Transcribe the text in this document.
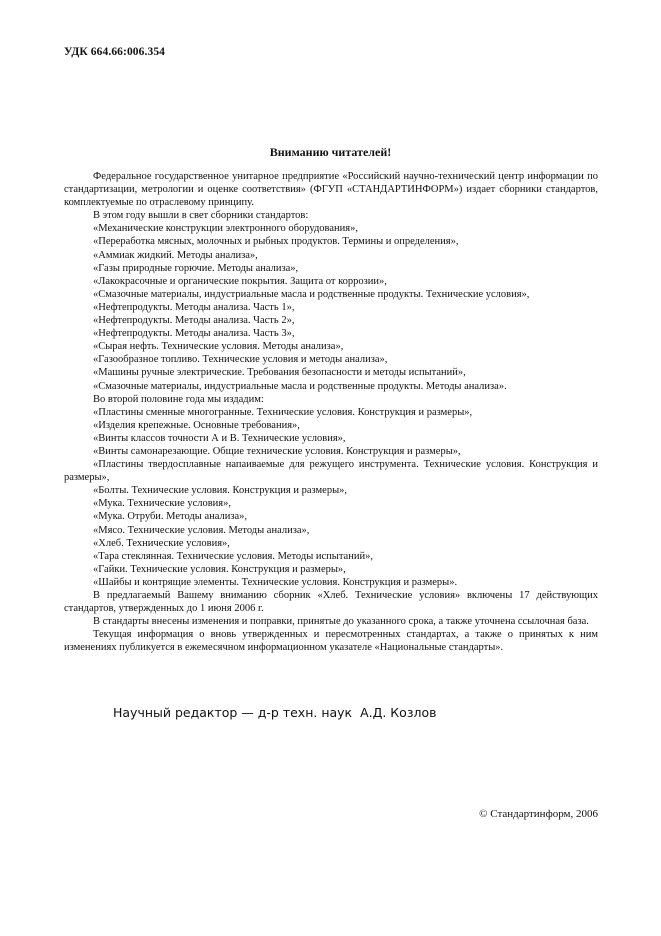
УДК 664.66:006.354
Вниманию читателей!

Федеральное государственное унитарное предприятие «Российский научно-технический центр информации по стандартизации, метрологии и оценке соответствия» (ФГУП «СТАНДАРТИНФОРМ») издает сборники стандартов, комплектуемые по отраслевому принципу.

В этом году вышли в свет сборники стандартов:

«Механические конструкции электронного оборудования»,

«Переработка мясных, молочных и рыбных продуктов. Термины и определения»,

«Аммиак жидкий. Методы анализа»,

«Газы природные горючие. Методы анализа»,

«Лакокрасочные и органические покрытия. Защита от коррозии»,

«Смазочные материалы, индустриальные масла и родственные продукты. Технические условия»,

«Нефтепродукты. Методы анализа. Часть 1»,

«Нефтепродукты. Методы анализа. Часть 2»,

«Нефтепродукты. Методы анализа. Часть 3»,

«Сырая нефть. Технические условия. Методы анализа»,

«Газообразное топливо. Технические условия и методы анализа»,

«Машины ручные электрические. Требования безопасности и методы испытаний»,

«Смазочные материалы, индустриальные масла и родственные продукты. Методы анализа».

Во второй половине года мы издадим:

«Пластины сменные многогранные. Технические условия. Конструкция и размеры»,

«Изделия крепежные. Основные требования»,

«Винты классов точности А и В. Технические условия»,

«Винты самонарезающие. Общие технические условия. Конструкция и размеры»,

«Пластины твердосплавные напаиваемые для режущего инструмента. Технические условия. Конструкция и размеры»,

«Болты. Технические условия. Конструкция и размеры»,

«Мука. Технические условия»,

«Мука. Отруби. Методы анализа»,

«Мясо. Технические условия. Методы анализа»,

«Хлеб. Технические условия»,

«Тара стеклянная. Технические условия. Методы испытаний»,

«Гайки. Технические условия. Конструкция и размеры»,

«Шайбы и контрящие элементы. Технические условия. Конструкция и размеры».

В предлагаемый Вашему вниманию сборник «Хлеб. Технические условия» включены 17 действующих стандартов, утвержденных до 1 июня 2006 г.

В стандарты внесены изменения и поправки, принятые до указанного срока, а также уточнена ссылочная база.

Текущая информация о вновь утвержденных и пересмотренных стандартах, а также о принятых к ним изменениях публикуется в ежемесячном информационном указателе «Национальные стандарты».

Научный редактор — д-р техн. наук А.Д. Козлов
© Стандартинформ, 2006
